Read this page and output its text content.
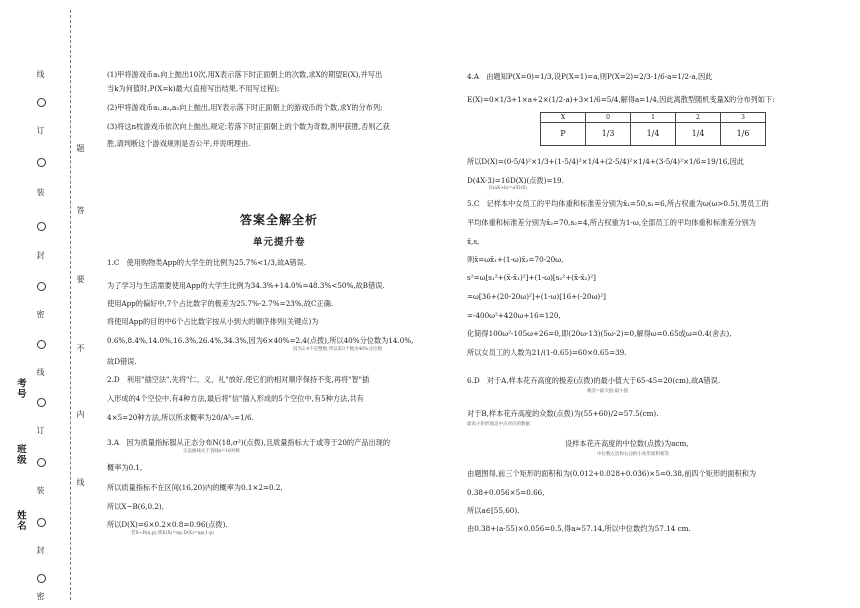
线
订
装
封
密
线
订
装
封
密
题
答
要
不
内
线
考号
班级
姓名

(1)甲将游戏币a₁向上抛出10次,用X表示落下时正面朝上的次数,求X的期望E(X),并写出

当k为何值时,P(X=k)最大(直接写出结果,不用写过程);

(2)甲将游戏币a₁,a₂,a₃向上抛出,用Y表示落下时正面朝上的游戏币的个数,求Y的分布列;

(3)将这n枚游戏币依次向上抛出,规定:若落下时正面朝上的个数为奇数,则甲获胜,否则乙获

胜,请判断这个游戏规则是否公平,并说明理由.

答案全解全析
单元提升卷

1.C　使用购物类App的大学生的比例为25.7%<1/3,故A错误.

为了学习与生活需要使用App的大学生比例为34.3%+14.0%=48.3%<50%,故B错误.

使用App的偏好中,7个占比数字的极差为25.7%-2.7%=23%,故C正确.

将使用App的目的中6个占比数字按从小到大的顺序排列(关键点)为

0.6%,8.4%,14.0%,16.3%,26.4%,34.3%,因为6×40%=2.4(点拨),所以40%分位数为14.0%,

因为2.4不是整数,所以第3个数为40%分位数

故D错误.

2.D　利用"插空法",先将"仁、义、礼"放好,使它们的相对顺序保持不变,再将"智"插

入形成的4个空位中,有4种方法,最后将"信"插入形成的5个空位中,有5种方法,共有

4×5=20种方法,所以所求概率为20/A⁵₅=1/6.

3.A　因为质量指标服从正态分布N(18,σ²)(点拨),且质量指标大于或等于20的产品出现的

正态曲线关于直线x=18对称

概率为0.1,

所以质量指标不在区间(16,20)内的概率为0.1×2=0.2,

所以X~B(6,0.2),

所以D(X)=6×0.2×0.8=0.96(点拨).

若X~B(n,p),则E(X)=np,D(X)=np(1-p)

4.A　由题知P(X=0)=1/3,设P(X=1)=a,则P(X=2)=2/3-1/6-a=1/2-a,因此

E(X)=0×1/3+1×a+2×(1/2-a)+3×1/6=5/4,解得a=1/4,因此离散型随机变量X的分布列如下:

所以D(X)=(0-5/4)²×1/3+(1-5/4)²×1/4+(2-5/4)²×1/4+(3-5/4)²×1/6=19/16,因此

D(4X-3)=16D(X)(点拨)=19.

D(aX+b)=a²D(X)

5.C　记样本中女员工的平均体重和标准差分别为x̄₁=50,s₁=6,所占权重为ω(ω>0.5),男员工的

平均体重和标准差分别为x̄₂=70,s₂=4,所占权重为1-ω,全部员工的平均体重和标准差分别为

x̄,s,

则x̄=ωx̄₁+(1-ω)x̄₂=70-20ω,

s²=ω[s₁²+(x̄-x̄₁)²]+(1-ω)[s₂²+(x̄-x̄₂)²]

=ω[36+(20-20ω)²]+(1-ω)[16+(-20ω)²]

=-400ω²+420ω+16=120,

化简得100ω²-105ω+26=0,即(20ω-13)(5ω-2)=0,解得ω=0.65或ω=0.4(舍去),

所以女员工的人数为21/(1-0.65)=60×0.65=39.

6.D　对于A,样本花卉高度的极差(点拨)的最小值大于65-45=20(cm),故A错误.

极差=最大值-最小值

对于B,样本花卉高度的众数(点拨)为(55+60)/2=57.5(cm).

最高小矩形底边中点对应的数据

设样本花卉高度的中位数(点拨)为acm,

中位数左边和右边的小矩形面积相等

由题图得,前三个矩形的面积和为(0.012+0.028+0.036)×5=0.38,前四个矩形的面积和为

0.38+0.056×5=0.66,

所以a∈[55,60).

由0.38+(a-55)×0.056=0.5,得a≈57.14,所以中位数约为57.14 cm.

X	0	1	2	3
P	1/3	1/4	1/4	1/6
